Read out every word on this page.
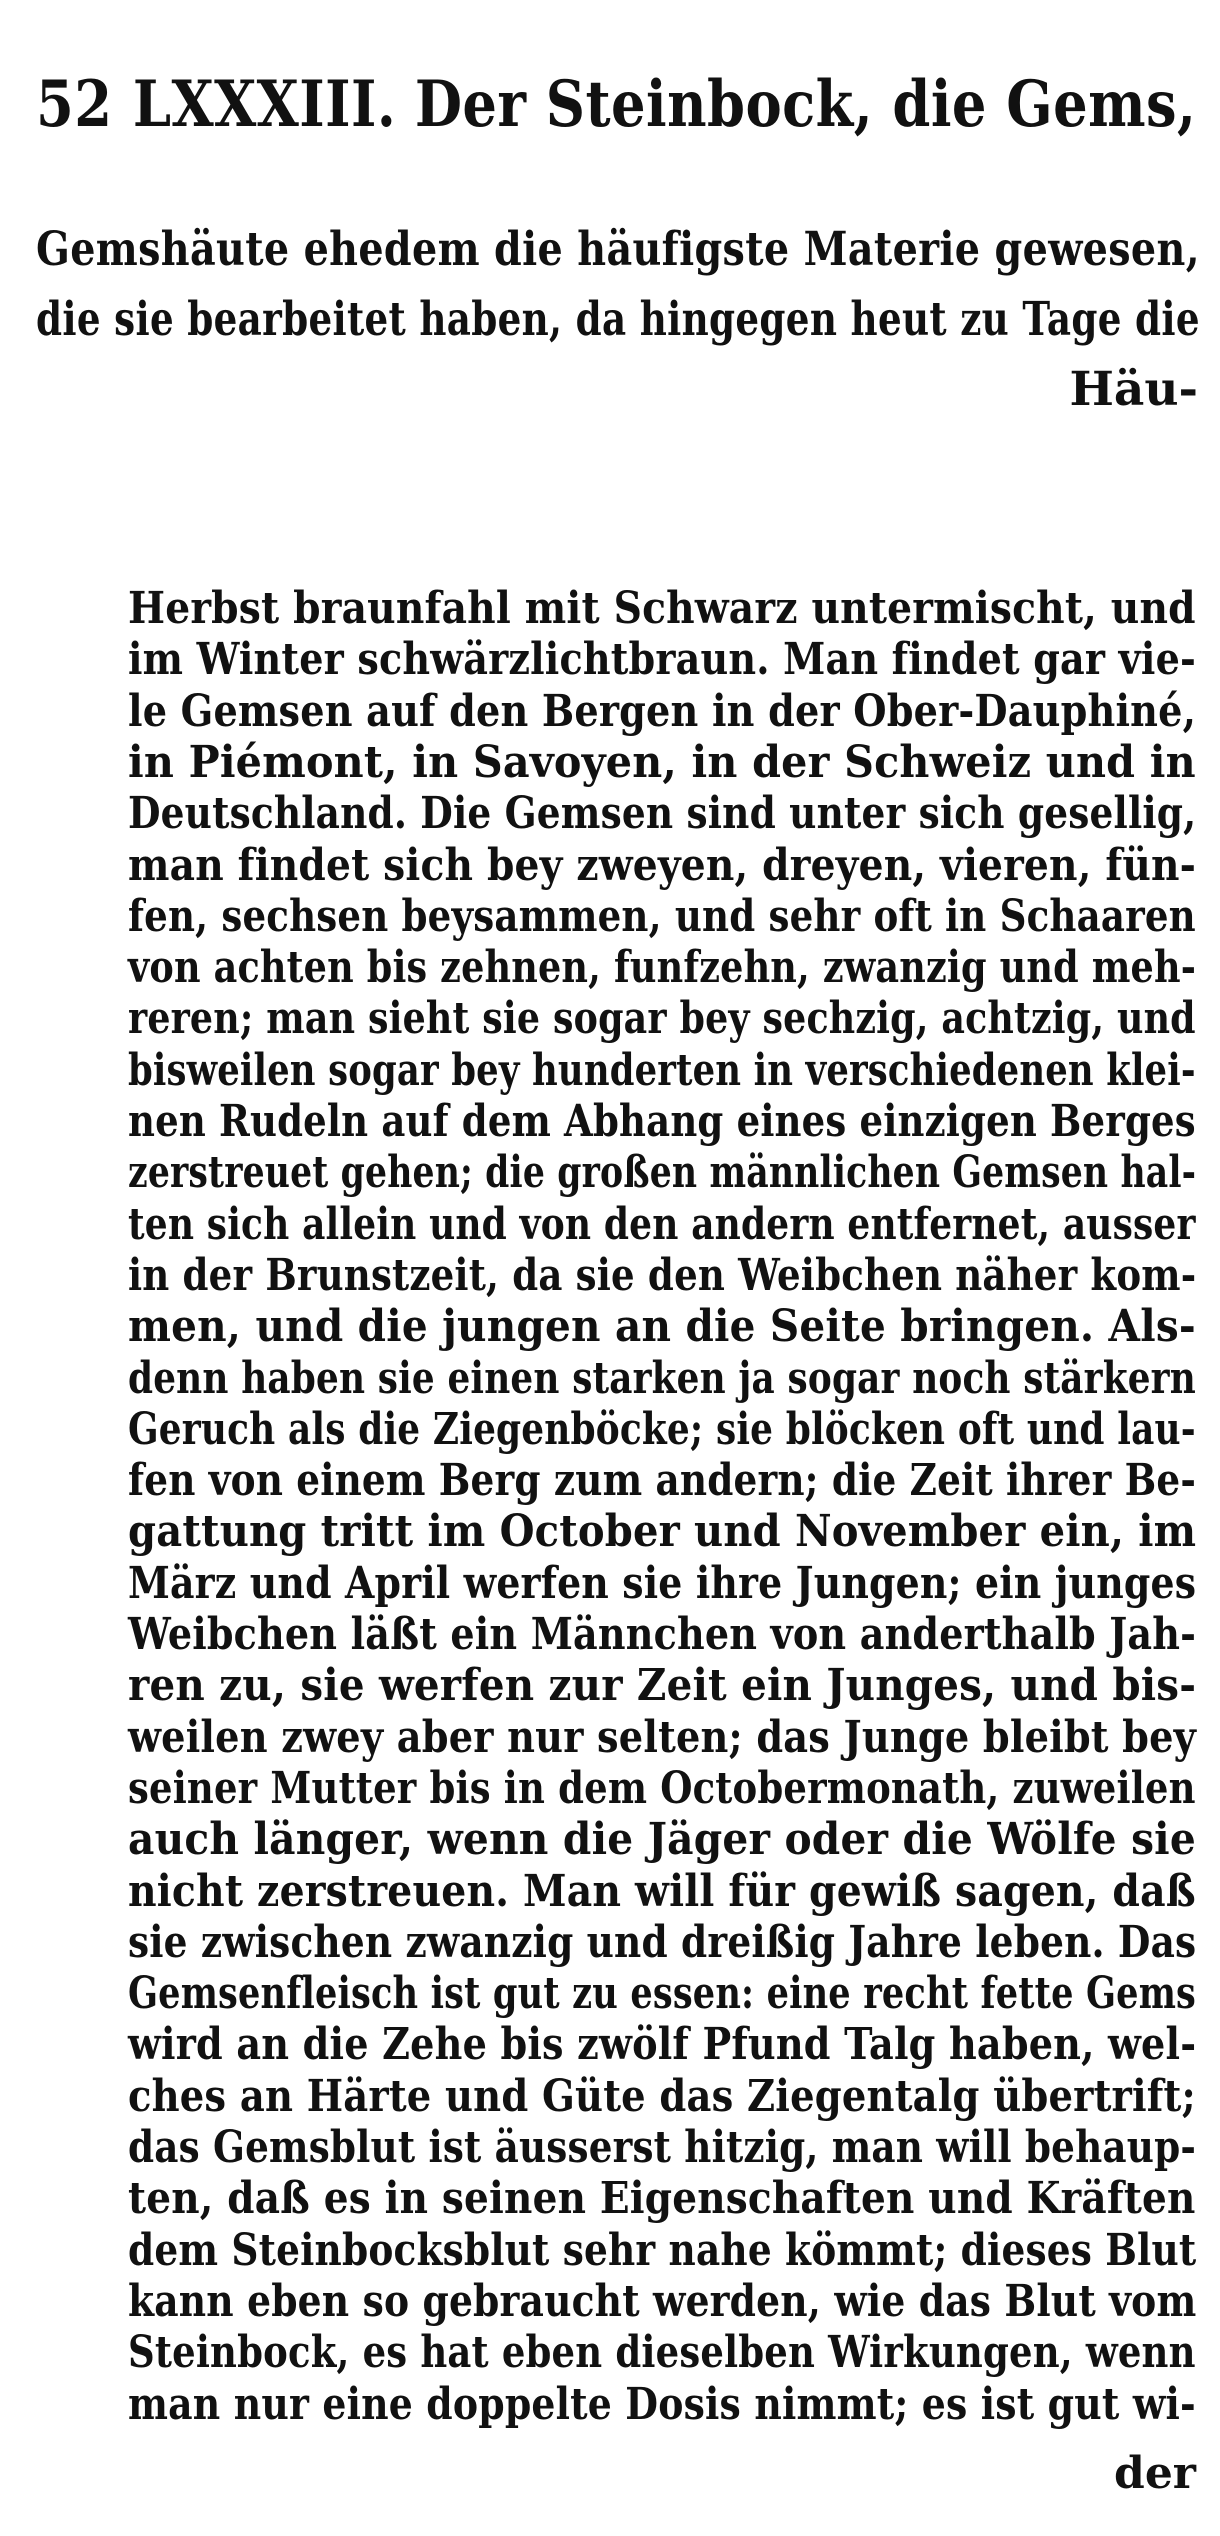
52 LXXXIII. Der Steinbock, die Gems,
Gemshäute ehedem die häufigste Materie gewesen,
die sie bearbeitet haben, da hingegen heut zu Tage die
Häu-
Herbst braunfahl mit Schwarz untermischt, und
im Winter schwärzlichtbraun. Man findet gar vie-
le Gemsen auf den Bergen in der Ober-Dauphiné,
in Piémont, in Savoyen, in der Schweiz und in
Deutschland. Die Gemsen sind unter sich gesellig,
man findet sich bey zweyen, dreyen, vieren, fün-
fen, sechsen beysammen, und sehr oft in Schaaren
von achten bis zehnen, funfzehn, zwanzig und meh-
reren; man sieht sie sogar bey sechzig, achtzig, und
bisweilen sogar bey hunderten in verschiedenen klei-
nen Rudeln auf dem Abhang eines einzigen Berges
zerstreuet gehen; die großen männlichen Gemsen hal-
ten sich allein und von den andern entfernet, ausser
in der Brunstzeit, da sie den Weibchen näher kom-
men, und die jungen an die Seite bringen. Als-
denn haben sie einen starken ja sogar noch stärkern
Geruch als die Ziegenböcke; sie blöcken oft und lau-
fen von einem Berg zum andern; die Zeit ihrer Be-
gattung tritt im October und November ein, im
März und April werfen sie ihre Jungen; ein junges
Weibchen läßt ein Männchen von anderthalb Jah-
ren zu, sie werfen zur Zeit ein Junges, und bis-
weilen zwey aber nur selten; das Junge bleibt bey
seiner Mutter bis in dem Octobermonath, zuweilen
auch länger, wenn die Jäger oder die Wölfe sie
nicht zerstreuen. Man will für gewiß sagen, daß
sie zwischen zwanzig und dreißig Jahre leben. Das
Gemsenfleisch ist gut zu essen: eine recht fette Gems
wird an die Zehe bis zwölf Pfund Talg haben, wel-
ches an Härte und Güte das Ziegentalg übertrift;
das Gemsblut ist äusserst hitzig, man will behaup-
ten, daß es in seinen Eigenschaften und Kräften
dem Steinbocksblut sehr nahe kömmt; dieses Blut
kann eben so gebraucht werden, wie das Blut vom
Steinbock, es hat eben dieselben Wirkungen, wenn
man nur eine doppelte Dosis nimmt; es ist gut wi-
der
